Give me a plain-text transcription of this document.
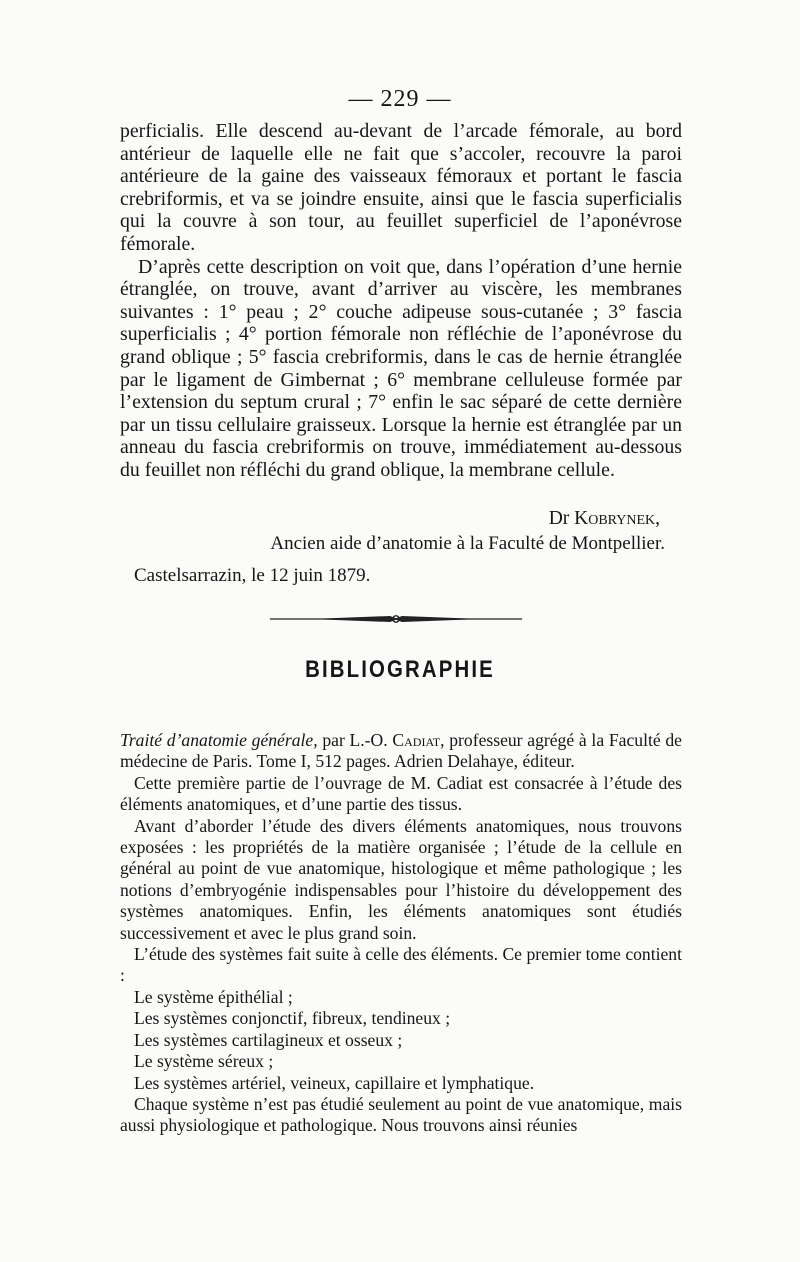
— 229 —

perficialis. Elle descend au-devant de l’arcade fémorale, au bord antérieur de laquelle elle ne fait que s’accoler, recouvre la paroi antérieure de la gaine des vaisseaux fémoraux et portant le fascia crebriformis, et va se joindre ensuite, ainsi que le fascia superficialis qui la couvre à son tour, au feuillet superficiel de l’aponévrose fémorale.

D’après cette description on voit que, dans l’opération d’une hernie étranglée, on trouve, avant d’arriver au viscère, les membranes suivantes : 1° peau ; 2° couche adipeuse sous-cutanée ; 3° fascia superficialis ; 4° portion fémorale non réfléchie de l’aponévrose du grand oblique ; 5° fascia crebriformis, dans le cas de hernie étranglée par le ligament de Gimbernat ; 6° membrane celluleuse formée par l’extension du septum crural ; 7° enfin le sac séparé de cette dernière par un tissu cellulaire graisseux. Lorsque la hernie est étranglée par un anneau du fascia crebriformis on trouve, immédiatement au-dessous du feuillet non réfléchi du grand oblique, la membrane cellule.

Dr Kobrynek,
Ancien aide d’anatomie à la Faculté de Montpellier.
Castelsarrazin, le 12 juin 1879.
BIBLIOGRAPHIE

Traité d’anatomie générale, par L.-O. Cadiat, professeur agrégé à la Faculté de médecine de Paris. Tome I, 512 pages. Adrien Delahaye, éditeur.

Cette première partie de l’ouvrage de M. Cadiat est consacrée à l’étude des éléments anatomiques, et d’une partie des tissus.

Avant d’aborder l’étude des divers éléments anatomiques, nous trouvons exposées : les propriétés de la matière organisée ; l’étude de la cellule en général au point de vue anatomique, histologique et même pathologique ; les notions d’embryogénie indispensables pour l’histoire du développement des systèmes anatomiques. Enfin, les éléments anatomiques sont étudiés successivement et avec le plus grand soin.

L’étude des systèmes fait suite à celle des éléments. Ce premier tome contient :

Le système épithélial ;

Les systèmes conjonctif, fibreux, tendineux ;

Les systèmes cartilagineux et osseux ;

Le système séreux ;

Les systèmes artériel, veineux, capillaire et lymphatique.

Chaque système n’est pas étudié seulement au point de vue anatomique, mais aussi physiologique et pathologique. Nous trouvons ainsi réunies
